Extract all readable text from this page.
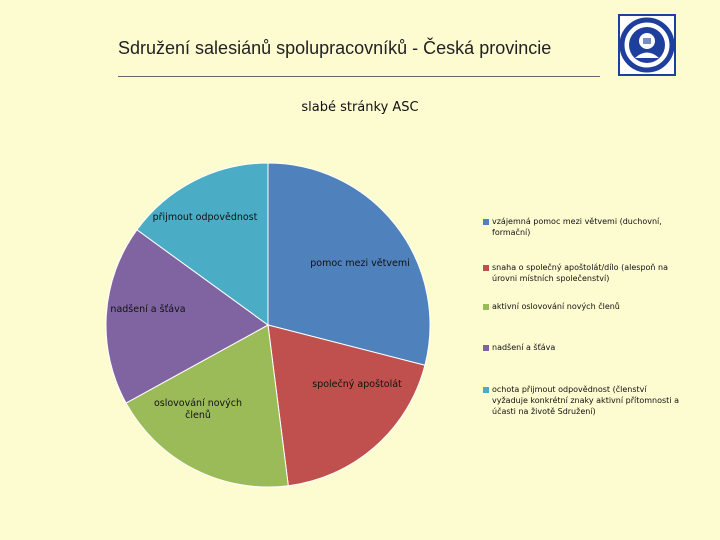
Sdružení salesiánů spolupracovníků - Česká provincie
slabé stránky ASC
pomoc mezi větvemi
společný apoštolát
oslovování nových členů
nadšení a šťáva
přijmout odpovědnost	vzájemná pomoc mezi větvemi (duchovní, formační)
snaha o společný apoštolát/dílo (alespoň na úrovni místních společenství)
aktivní oslovování nových členů
nadšení a šťáva
ochota přijmout odpovědnost (členství vyžaduje konkrétní znaky aktivní přítomnosti a účasti na životě Sdružení)
